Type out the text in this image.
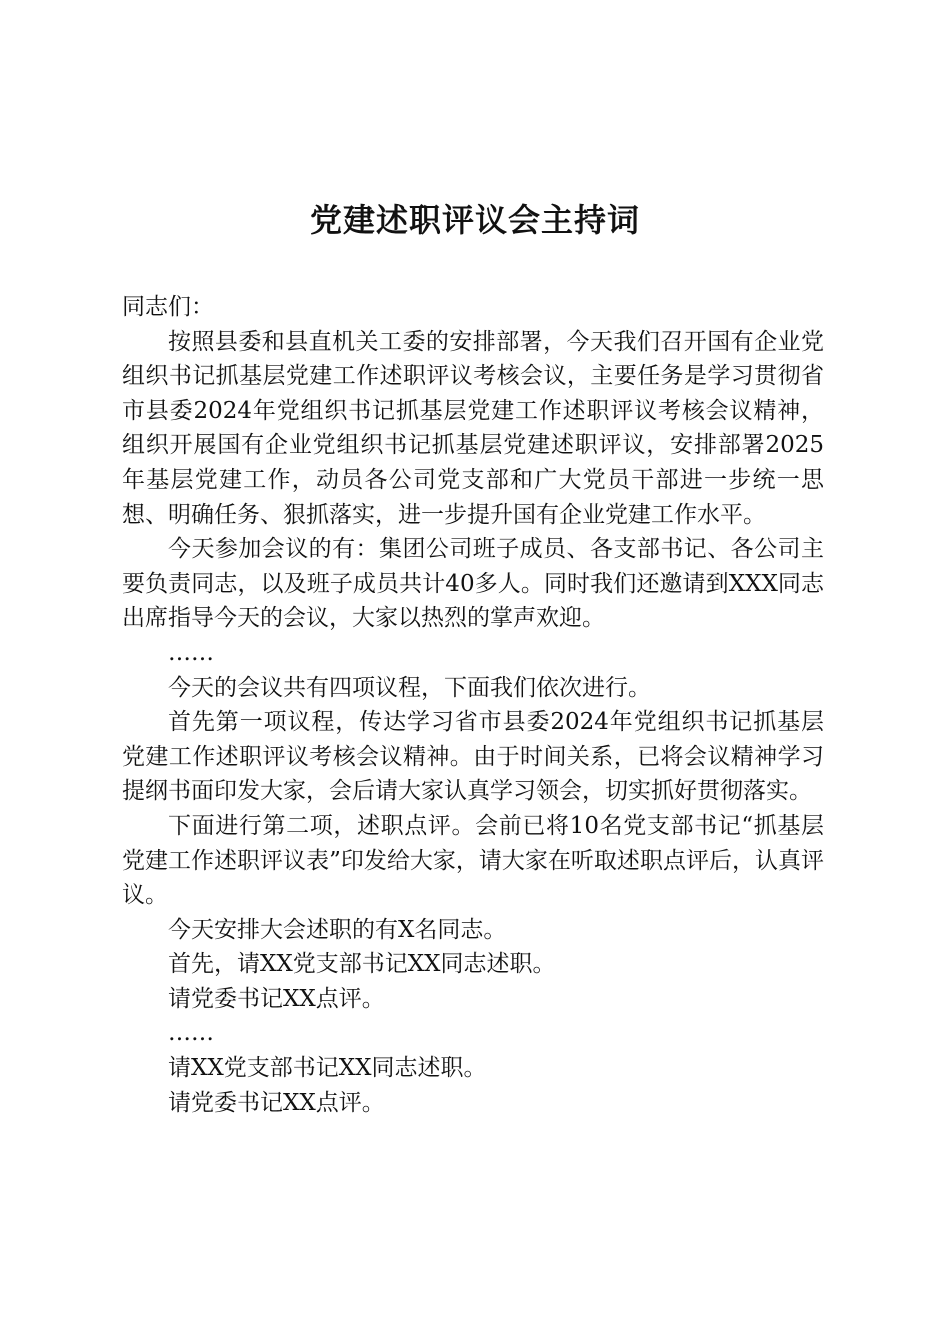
党建述职评议会主持词

同志们：

按照县委和县直机关工委的安排部署，今天我们召开国有企业党组织书记抓基层党建工作述职评议考核会议，主要任务是学习贯彻省市县委2024年党组织书记抓基层党建工作述职评议考核会议精神，组织开展国有企业党组织书记抓基层党建述职评议，安排部署2025年基层党建工作，动员各公司党支部和广大党员干部进一步统一思想、明确任务、狠抓落实，进一步提升国有企业党建工作水平。

今天参加会议的有：集团公司班子成员、各支部书记、各公司主要负责同志，以及班子成员共计40多人。同时我们还邀请到XXX同志出席指导今天的会议，大家以热烈的掌声欢迎。

……

今天的会议共有四项议程，下面我们依次进行。

首先第一项议程，传达学习省市县委2024年党组织书记抓基层党建工作述职评议考核会议精神。由于时间关系，已将会议精神学习提纲书面印发大家，会后请大家认真学习领会，切实抓好贯彻落实。

下面进行第二项，述职点评。会前已将10名党支部书记“抓基层党建工作述职评议表”印发给大家，请大家在听取述职点评后，认真评议。

今天安排大会述职的有X名同志。

首先，请XX党支部书记XX同志述职。

请党委书记XX点评。

……

请XX党支部书记XX同志述职。

请党委书记XX点评。
